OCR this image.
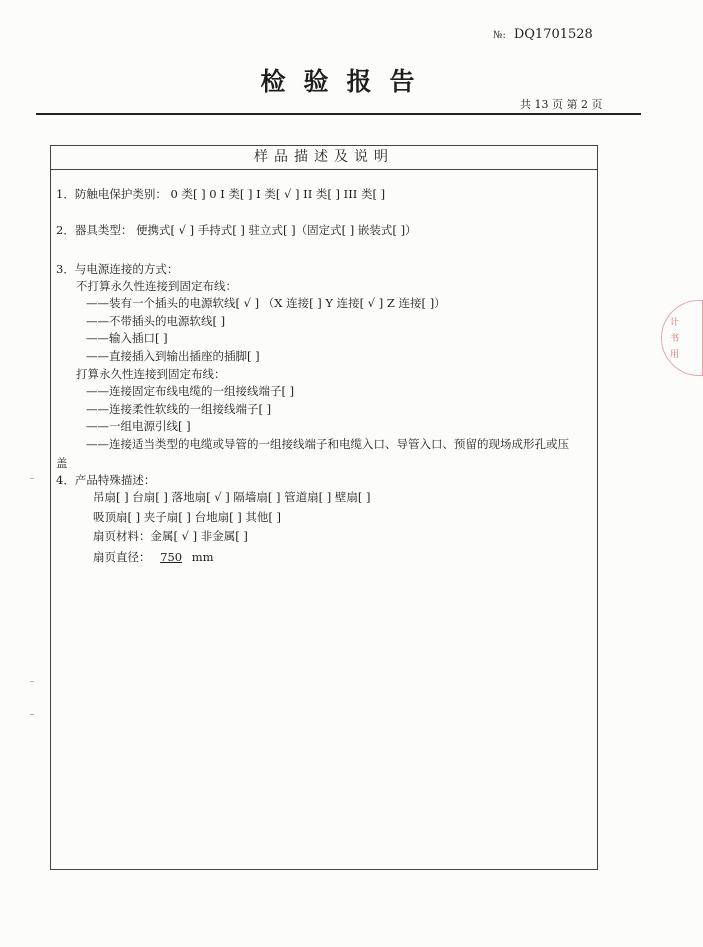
№: DQ1701528
检验报告
共 13 页 第 2 页
样品描述及说明
1．防触电保护类别： 0 类[ ] 0 I 类[ ] I 类[ √ ] II 类[ ] III 类[ ]
2．器具类型： 便携式[ √ ] 手持式[ ] 驻立式[ ]（固定式[ ] 嵌装式[ ]）
3．与电源连接的方式：
不打算永久性连接到固定布线：
——装有一个插头的电源软线[ √ ] （X 连接[ ] Y 连接[ √ ] Z 连接[ ]）
——不带插头的电源软线[ ]
——输入插口[ ]
——直接插入到输出插座的插脚[ ]
打算永久性连接到固定布线：
——连接固定布线电缆的一组接线端子[ ]
——连接柔性软线的一组接线端子[ ]
——一组电源引线[ ]
——连接适当类型的电缆或导管的一组接线端子和电缆入口、导管入口、预留的现场成形孔或压
盖
4．产品特殊描述：
吊扇[ ] 台扇[ ] 落地扇[ √ ] 隔墙扇[ ] 管道扇[ ] 壁扇[ ]
吸顶扇[ ] 夹子扇[ ] 台地扇[ ] 其他[ ]
扇页材料：金属[ √ ] 非金属[ ]
扇页直径： 750 mm
计
书
用
